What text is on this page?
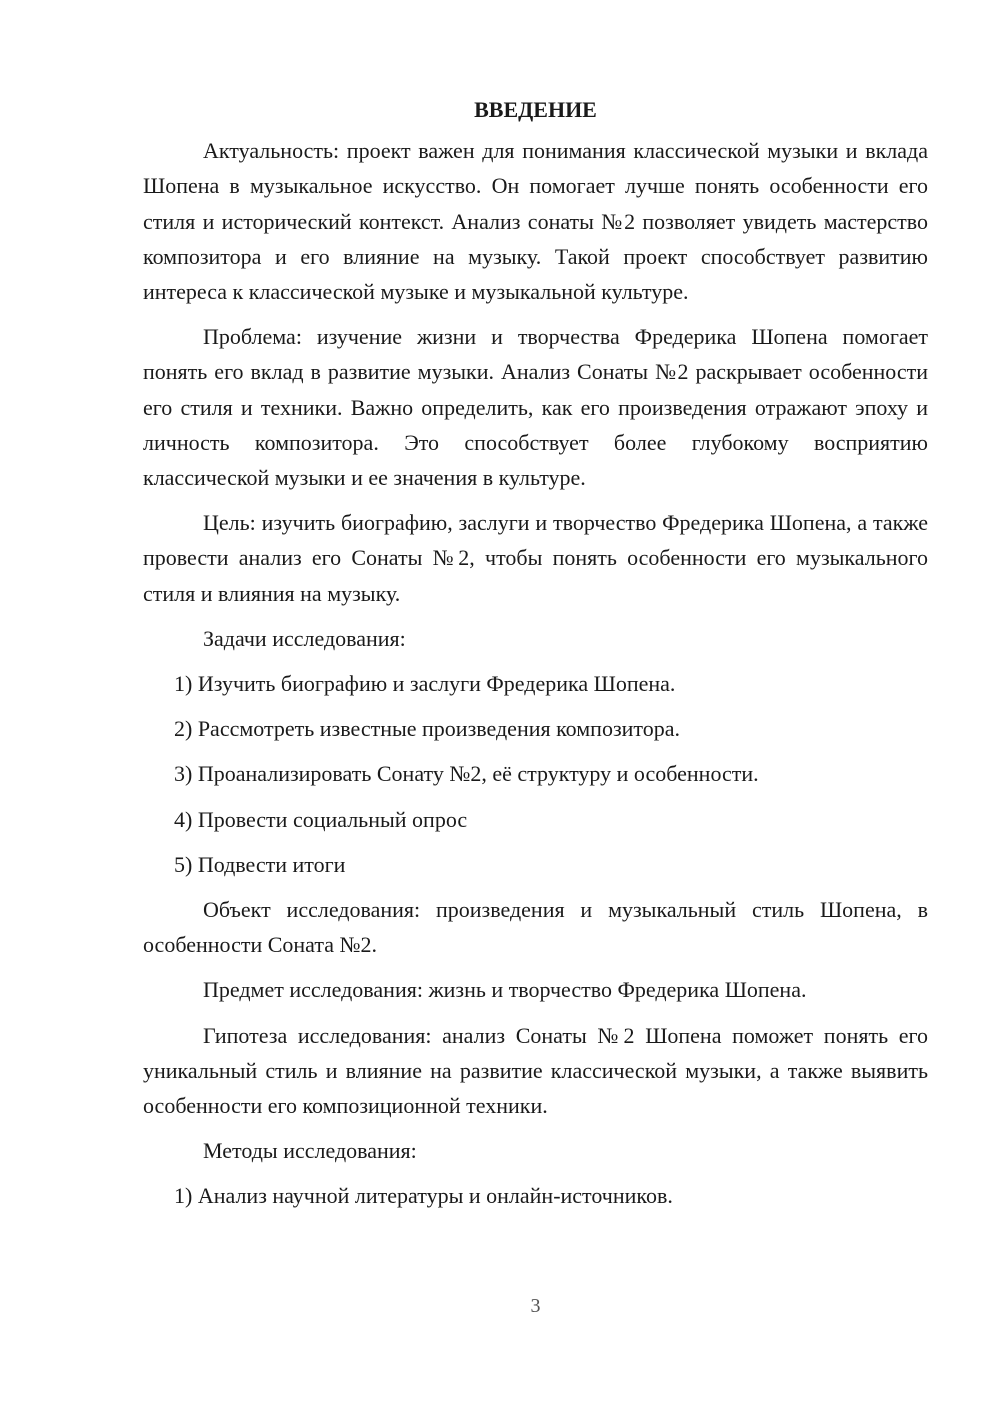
ВВЕДЕНИЕ

Актуальность: проект важен для понимания классической музыки и вклада Шопена в музыкальное искусство. Он помогает лучше понять особенности его стиля и исторический контекст. Анализ сонаты №2 позволяет увидеть мастерство композитора и его влияние на музыку. Такой проект способствует развитию интереса к классической музыке и музыкальной культуре.

Проблема: изучение жизни и творчества Фредерика Шопена помогает понять его вклад в развитие музыки. Анализ Сонаты №2 раскрывает особенности его стиля и техники. Важно определить, как его произведения отражают эпоху и личность композитора. Это способствует более глубокому восприятию классической музыки и ее значения в культуре.

Цель: изучить биографию, заслуги и творчество Фредерика Шопена, а также провести анализ его Сонаты №2, чтобы понять особенности его музыкального стиля и влияния на музыку.

Задачи исследования:
1) Изучить биографию и заслуги Фредерика Шопена.
2) Рассмотреть известные произведения композитора.
3) Проанализировать Сонату №2, её структуру и особенности.
4) Провести социальный опрос
5) Подвести итоги

Объект исследования: произведения и музыкальный стиль Шопена, в особенности Соната №2.

Предмет исследования: жизнь и творчество Фредерика Шопена.

Гипотеза исследования: анализ Сонаты №2 Шопена поможет понять его уникальный стиль и влияние на развитие классической музыки, а также выявить особенности его композиционной техники.

Методы исследования:
1) Анализ научной литературы и онлайн-источников.
3
